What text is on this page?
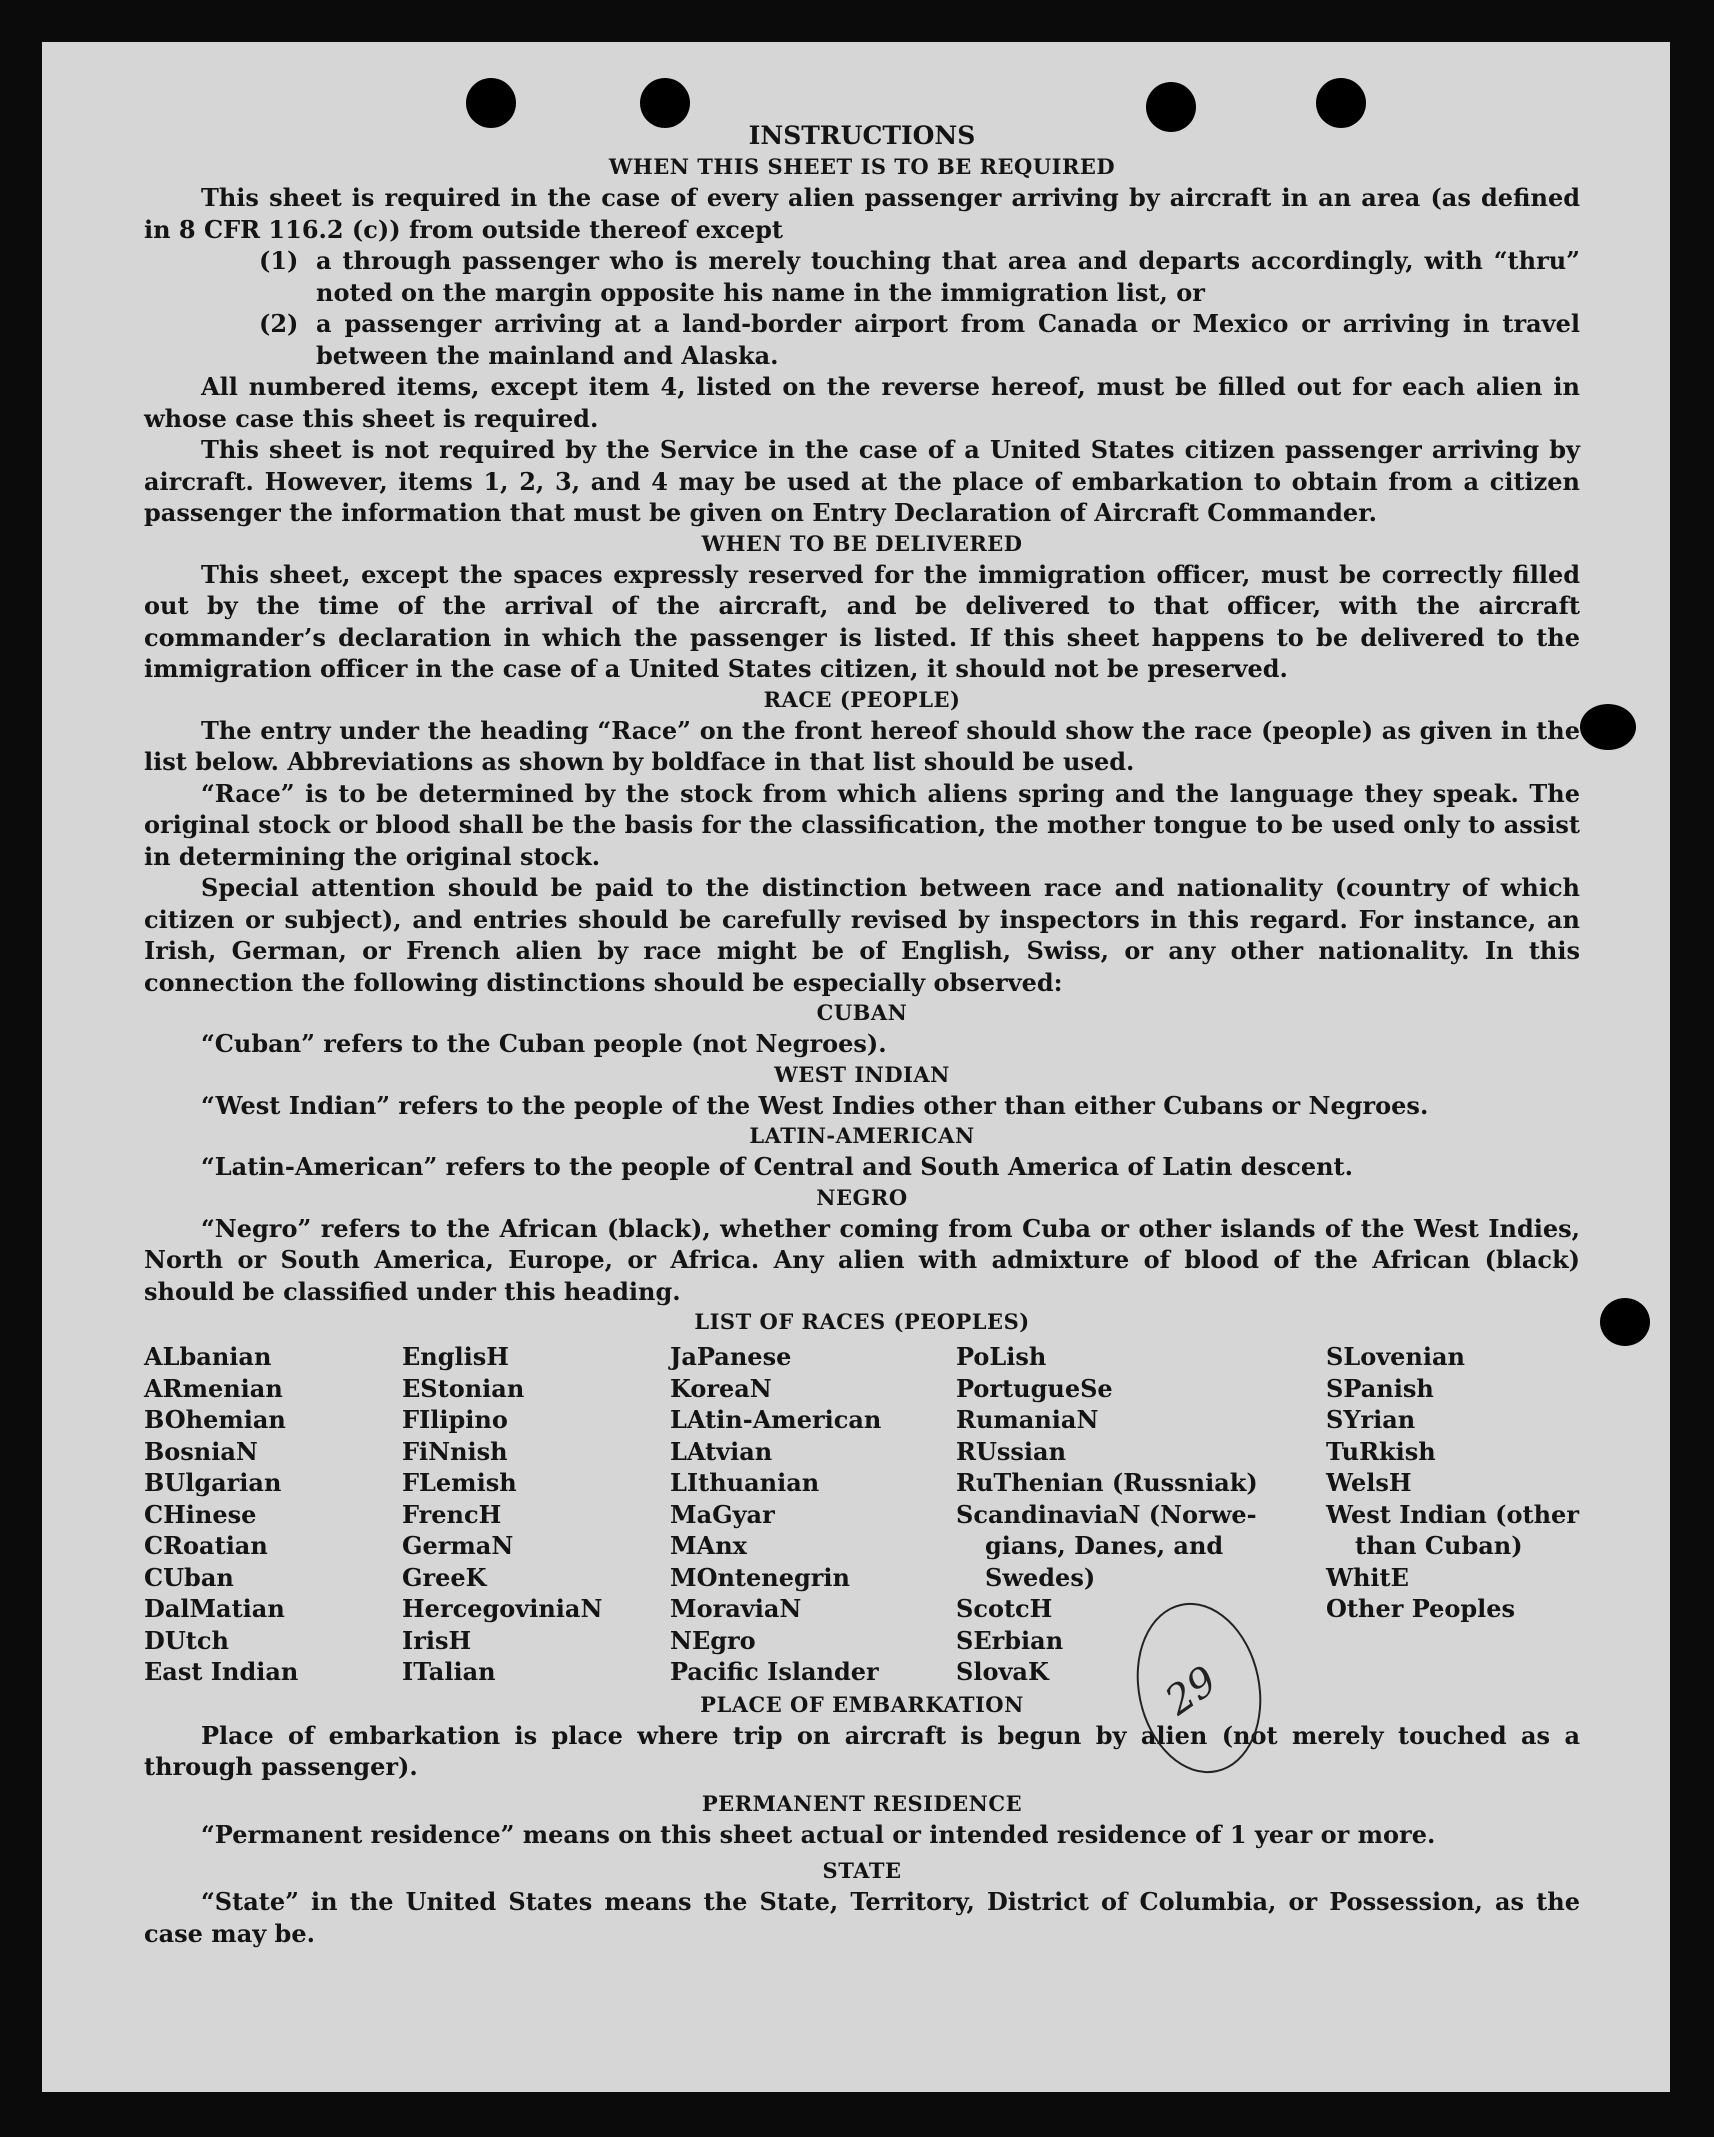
INSTRUCTIONS
WHEN THIS SHEET IS TO BE REQUIRED

This sheet is required in the case of every alien passenger arriving by aircraft in an area (as defined in 8 CFR 116.2 (c)) from outside thereof except

(1) a through passenger who is merely touching that area and departs accordingly, with “thru” noted on the margin opposite his name in the immigration list, or

(2) a passenger arriving at a land-border airport from Canada or Mexico or arriving in travel between the mainland and Alaska.

All numbered items, except item 4, listed on the reverse hereof, must be filled out for each alien in whose case this sheet is required.

This sheet is not required by the Service in the case of a United States citizen passenger arriving by aircraft. However, items 1, 2, 3, and 4 may be used at the place of embarkation to obtain from a citizen passenger the information that must be given on Entry Declaration of Aircraft Commander.

WHEN TO BE DELIVERED

This sheet, except the spaces expressly reserved for the immigration officer, must be correctly filled out by the time of the arrival of the aircraft, and be delivered to that officer, with the aircraft commander’s declaration in which the passenger is listed. If this sheet happens to be delivered to the immigration officer in the case of a United States citizen, it should not be preserved.

RACE (PEOPLE)

The entry under the heading “Race” on the front hereof should show the race (people) as given in the list below. Abbreviations as shown by boldface in that list should be used.

“Race” is to be determined by the stock from which aliens spring and the language they speak. The original stock or blood shall be the basis for the classification, the mother tongue to be used only to assist in determining the original stock.

Special attention should be paid to the distinction between race and nationality (country of which citizen or subject), and entries should be carefully revised by inspectors in this regard. For instance, an Irish, German, or French alien by race might be of English, Swiss, or any other nationality. In this connection the following distinctions should be especially observed:

CUBAN

“Cuban” refers to the Cuban people (not Negroes).

WEST INDIAN

“West Indian” refers to the people of the West Indies other than either Cubans or Negroes.

LATIN-AMERICAN

“Latin-American” refers to the people of Central and South America of Latin descent.

NEGRO

“Negro” refers to the African (black), whether coming from Cuba or other islands of the West Indies, North or South America, Europe, or Africa. Any alien with admixture of blood of the African (black) should be classified under this heading.

LIST OF RACES (PEOPLES)
ALbanian
ARmenian
BOhemian
BosniaN
BUlgarian
CHinese
CRoatian
CUban
DalMatian
DUtch
East Indian
EnglisH
EStonian
FIlipino
FiNnish
FLemish
FrencH
GermaN
GreeK
HercegoviniaN
IrisH
ITalian
JaPanese
KoreaN
LAtin-American
LAtvian
LIthuanian
MaGyar
MAnx
MOntenegrin
MoraviaN
NEgro
Pacific Islander
PoLish
PortugueSe
RumaniaN
RUssian
RuThenian (Russniak)
ScandinaviaN (Norwe-
gians, Danes, and
Swedes)
ScotcH
SErbian
SlovaK
SLovenian
SPanish
SYrian
TuRkish
WelsH
West Indian (other
than Cuban)
WhitE
Other Peoples
PLACE OF EMBARKATION

Place of embarkation is place where trip on aircraft is begun by alien (not merely touched as a through passenger).

PERMANENT RESIDENCE

“Permanent residence” means on this sheet actual or intended residence of 1 year or more.

STATE

“State” in the United States means the State, Territory, District of Columbia, or Possession, as the case may be.

29
